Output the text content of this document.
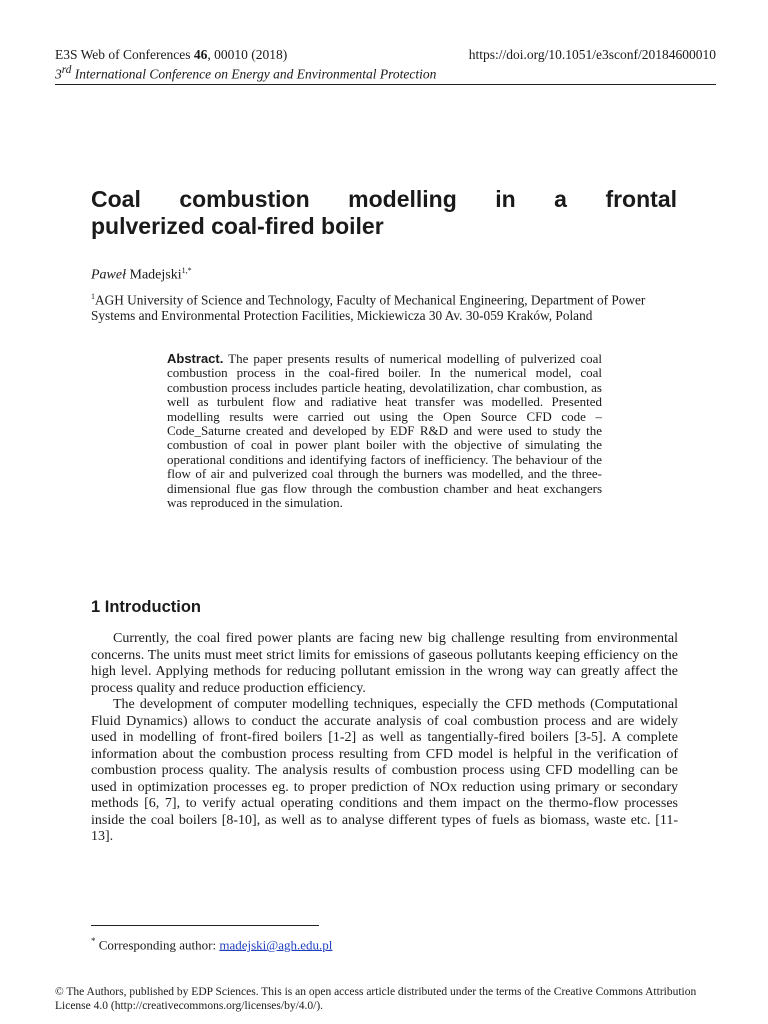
E3S Web of Conferences 46, 00010 (2018)	https://doi.org/10.1051/e3sconf/20184600010
3rd International Conference on Energy and Environmental Protection
Coal combustion modelling in a frontal
pulverized coal-fired boiler
Paweł Madejski$^{1,*}$
$^1$AGH University of Science and Technology, Faculty of Mechanical Engineering, Department of Power Systems and Environmental Protection Facilities, Mickiewicza 30 Av. 30-059 Kraków, Poland
Abstract. The paper presents results of numerical modelling of pulverized coal combustion process in the coal-fired boiler. In the numerical model, coal combustion process includes particle heating, devolatilization, char combustion, as well as turbulent flow and radiative heat transfer was modelled. Presented modelling results were carried out using the Open Source CFD code – Code_Saturne created and developed by EDF R&D and were used to study the combustion of coal in power plant boiler with the objective of simulating the operational conditions and identifying factors of inefficiency. The behaviour of the flow of air and pulverized coal through the burners was modelled, and the three-dimensional flue gas flow through the combustion chamber and heat exchangers was reproduced in the simulation.
1 Introduction

Currently, the coal fired power plants are facing new big challenge resulting from environmental concerns. The units must meet strict limits for emissions of gaseous pollutants keeping efficiency on the high level. Applying methods for reducing pollutant emission in the wrong way can greatly affect the process quality and reduce production efficiency.

The development of computer modelling techniques, especially the CFD methods (Computational Fluid Dynamics) allows to conduct the accurate analysis of coal combustion process and are widely used in modelling of front-fired boilers [1-2] as well as tangentially-fired boilers [3-5]. A complete information about the combustion process resulting from CFD model is helpful in the verification of combustion process quality. The analysis results of combustion process using CFD modelling can be used in optimization processes eg. to proper prediction of NOx reduction using primary or secondary methods [6, 7], to verify actual operating conditions and them impact on the thermo-flow processes inside the coal boilers [8-10], as well as to analyse different types of fuels as biomass, waste etc. [11-13].

* Corresponding author: madejski@agh.edu.pl
© The Authors, published by EDP Sciences. This is an open access article distributed under the terms of the Creative Commons Attribution License 4.0 (http://creativecommons.org/licenses/by/4.0/).
